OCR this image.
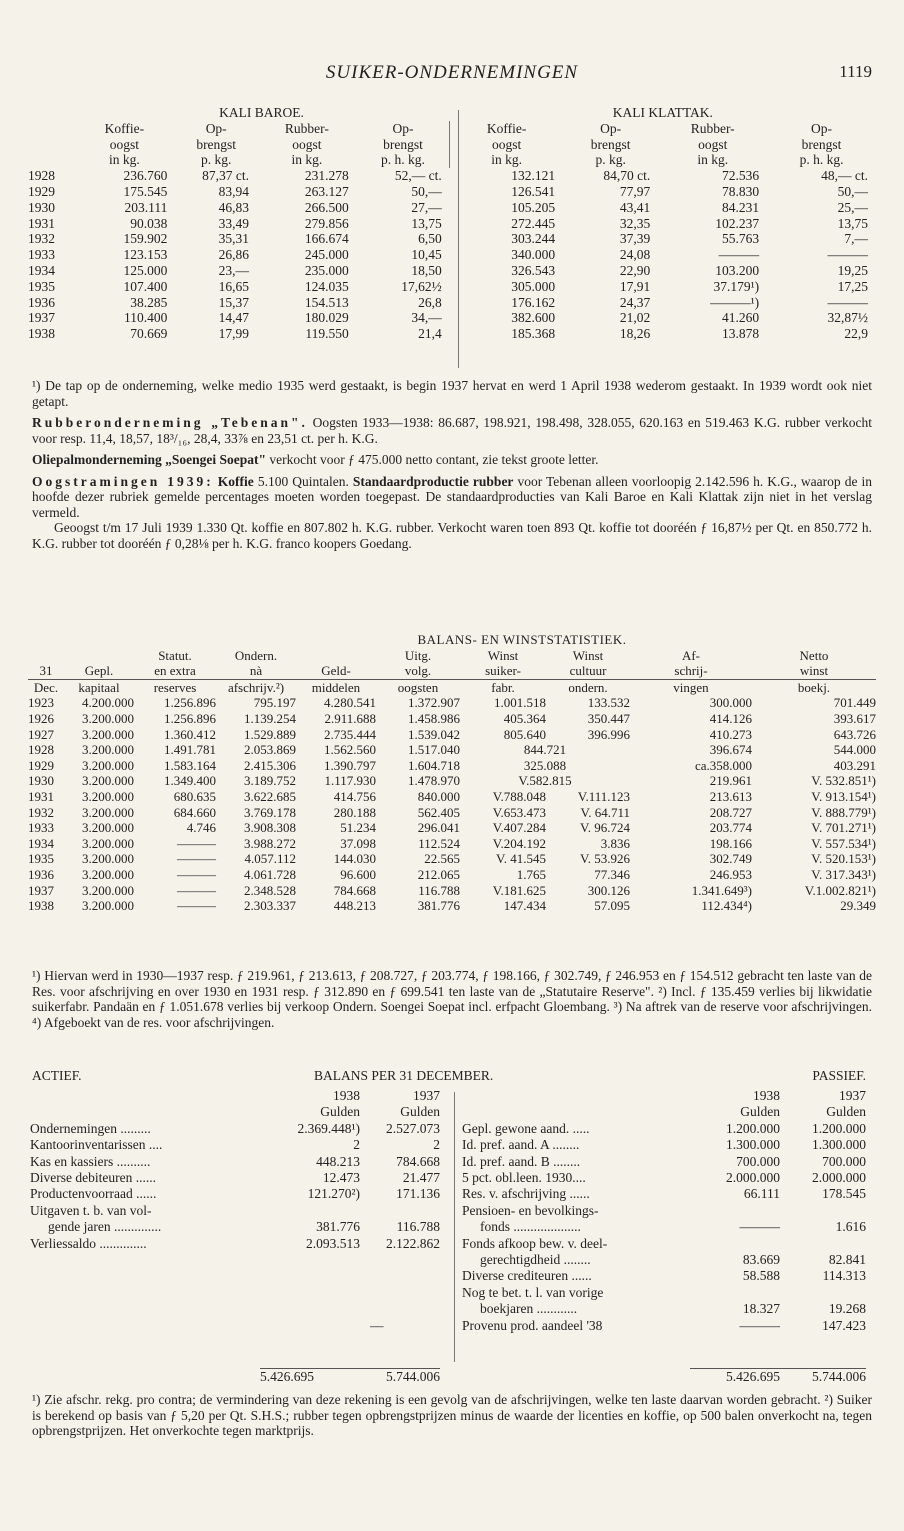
SUIKER-ONDERNEMINGEN	1119
	KALI BAROE.				KALI KLATTAK.			
	Koffie-	Op-	Rubber-	Op-	Koffie-	Op-	Rubber-	Op-
	oogst	brengst	oogst	brengst	oogst	brengst	oogst	brengst
	in kg.	p. kg.	in kg.	p. h. kg.	in kg.	p. kg.	in kg.	p. h. kg.
1928	236.760	87,37 ct.	231.278	52,— ct.	132.121	84,70 ct.	72.536	48,— ct.
1929	175.545	83,94	263.127	50,—	126.541	77,97	78.830	50,—
1930	203.111	46,83	266.500	27,—	105.205	43,41	84.231	25,—
1931	90.038	33,49	279.856	13,75	272.445	32,35	102.237	13,75
1932	159.902	35,31	166.674	6,50	303.244	37,39	55.763	7,—
1933	123.153	26,86	245.000	10,45	340.000	24,08	———	———
1934	125.000	23,—	235.000	18,50	326.543	22,90	103.200	19,25
1935	107.400	16,65	124.035	17,62½	305.000	17,91	37.179¹)	17,25
1936	38.285	15,37	154.513	26,8	176.162	24,37	———¹)	———
1937	110.400	14,47	180.029	34,—	382.600	21,02	41.260	32,87½
1938	70.669	17,99	119.550	21,4	185.368	18,26	13.878	22,9

¹) De tap op de onderneming, welke medio 1935 werd gestaakt, is begin 1937 hervat en werd 1 April 1938 wederom gestaakt. In 1939 wordt ook niet getapt.

Rubberonderneming „Tebenan". Oogsten 1933—1938: 86.687, 198.921, 198.498, 328.055, 620.163 en 519.463 K.G. rubber verkocht voor resp. 11,4, 18,57, 18³/₁₆, 28,4, 33⅞ en 23,51 ct. per h. K.G.

Oliepalmonderneming „Soengei Soepat" verkocht voor ƒ 475.000 netto contant, zie tekst groote letter.

Oogstramingen 1939: Koffie 5.100 Quintalen. Standaardproductie rubber voor Tebenan alleen voorloopig 2.142.596 h. K.G., waarop de in hoofde dezer rubriek gemelde percentages moeten worden toegepast. De standaardproducties van Kali Baroe en Kali Klattak zijn niet in het verslag vermeld.

Geoogst t/m 17 Juli 1939 1.330 Qt. koffie en 807.802 h. K.G. rubber. Verkocht waren toen 893 Qt. koffie tot dooréén ƒ 16,87½ per Qt. en 850.772 h. K.G. rubber tot dooréén ƒ 0,28⅛ per h. K.G. franco koopers Goedang.

BALANS- EN WINSTSTATISTIEK.									
		Statut.	Ondern.		Uitg.	Winst	Winst	Af-	Netto
31	Gepl.	en extra	nà	Geld-	volg.	suiker-	cultuur	schrij-	winst
Dec.	kapitaal	reserves	afschrijv.²)	middelen	oogsten	fabr.	ondern.	vingen	boekj.
1923	4.200.000	1.256.896	795.197	4.280.541	1.372.907	1.001.518	133.532	300.000	701.449
1926	3.200.000	1.256.896	1.139.254	2.911.688	1.458.986	405.364	350.447	414.126	393.617
1927	3.200.000	1.360.412	1.529.889	2.735.444	1.539.042	805.640	396.996	410.273	643.726
1928	3.200.000	1.491.781	2.053.869	1.562.560	1.517.040	844.721		396.674	544.000
1929	3.200.000	1.583.164	2.415.306	1.390.797	1.604.718	325.088		ca.358.000	403.291
1930	3.200.000	1.349.400	3.189.752	1.117.930	1.478.970	V.582.815		219.961	V. 532.851¹)
1931	3.200.000	680.635	3.622.685	414.756	840.000	V.788.048	V.111.123	213.613	V. 913.154¹)
1932	3.200.000	684.660	3.769.178	280.188	562.405	V.653.473	V. 64.711	208.727	V. 888.779¹)
1933	3.200.000	4.746	3.908.308	51.234	296.041	V.407.284	V. 96.724	203.774	V. 701.271¹)
1934	3.200.000	———	3.988.272	37.098	112.524	V.204.192	3.836	198.166	V. 557.534¹)
1935	3.200.000	———	4.057.112	144.030	22.565	V. 41.545	V. 53.926	302.749	V. 520.153¹)
1936	3.200.000	———	4.061.728	96.600	212.065	1.765	77.346	246.953	V. 317.343¹)
1937	3.200.000	———	2.348.528	784.668	116.788	V.181.625	300.126	1.341.649³)	V.1.002.821¹)
1938	3.200.000	———	2.303.337	448.213	381.776	147.434	57.095	112.434⁴)	29.349
¹) Hiervan werd in 1930—1937 resp. ƒ 219.961, ƒ 213.613, ƒ 208.727, ƒ 203.774, ƒ 198.166, ƒ 302.749, ƒ 246.953 en ƒ 154.512 gebracht ten laste van de Res. voor afschrijving en over 1930 en 1931 resp. ƒ 312.890 en ƒ 699.541 ten laste van de „Statutaire Reserve". ²) Incl. ƒ 135.459 verlies bij likwidatie suikerfabr. Pandaän en ƒ 1.051.678 verlies bij verkoop Ondern. Soengei Soepat incl. erfpacht Gloembang. ³) Na aftrek van de reserve voor afschrijvingen. ⁴) Afgeboekt van de res. voor afschrijvingen.
ACTIEF.	BALANS PER 31 DECEMBER.	PASSIEF.
	1938	1937
	Gulden	Gulden
Ondernemingen .........	2.369.448¹)	2.527.073
Kantoorinventarissen ....	2	2
Kas en kassiers ..........	448.213	784.668
Diverse debiteuren ......	12.473	21.477
Productenvoorraad ......	121.270²)	171.136
Uitgaven t. b. van vol-		
gende jaren ..............	381.776	116.788
Verliessaldo ..............	2.093.513	2.122.862
	1938	1937
	Gulden	Gulden
Gepl. gewone aand. .....	1.200.000	1.200.000
Id. pref. aand. A ........	1.300.000	1.300.000
Id. pref. aand. B ........	700.000	700.000
5 pct. obl.leen. 1930....	2.000.000	2.000.000
Res. v. afschrijving ......	66.111	178.545
Pensioen- en bevolkings-		
fonds ....................	———	1.616
Fonds afkoop bew. v. deel-		
gerechtigdheid ........	83.669	82.841
Diverse crediteuren ......	58.588	114.313
Nog te bet. t. l. van vorige		
boekjaren ............	18.327	19.268
Provenu prod. aandeel '38	———	147.423
—
5.426.695	5.744.006	5.426.695	5.744.006
¹) Zie afschr. rekg. pro contra; de vermindering van deze rekening is een gevolg van de afschrijvingen, welke ten laste daarvan worden gebracht. ²) Suiker is berekend op basis van ƒ 5,20 per Qt. S.H.S.; rubber tegen opbrengstprijzen minus de waarde der licenties en koffie, op 500 balen onverkocht na, tegen opbrengstprijzen. Het onverkochte tegen marktprijs.
